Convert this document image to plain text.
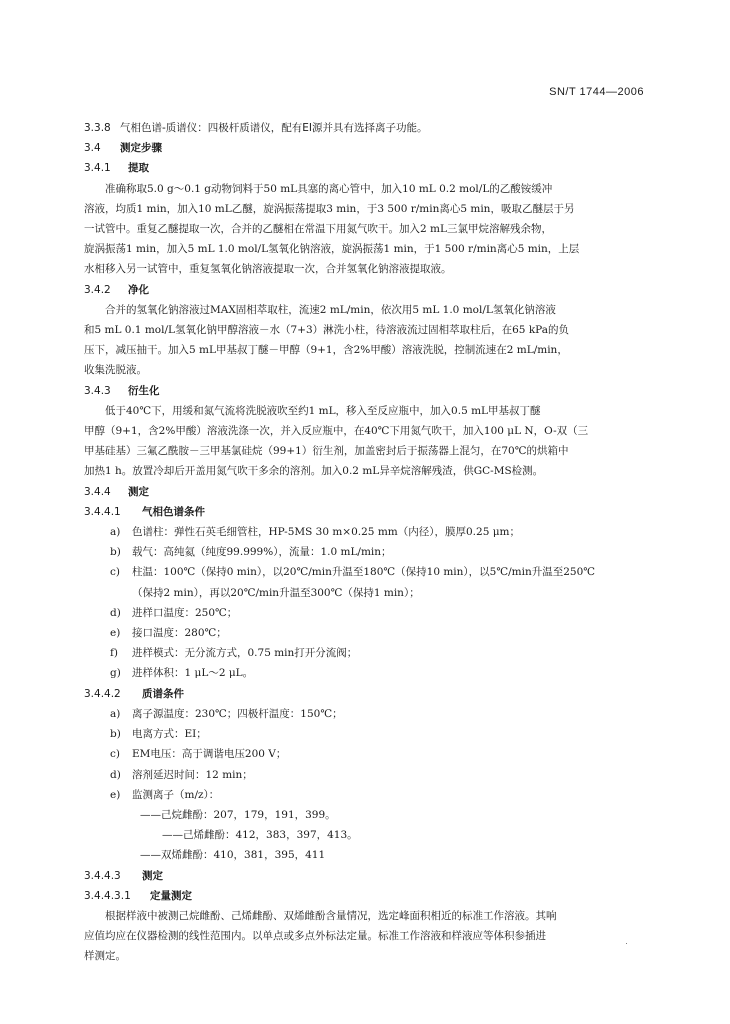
SN/T 1744—2006
3.3.8 气相色谱-质谱仪：四极杆质谱仪，配有EI源并具有选择离子功能。
3.4 测定步骤
3.4.1 提取
准确称取5.0 g～0.1 g动物饲料于50 mL具塞的离心管中，加入10 mL 0.2 mol/L的乙酸铵缓冲
溶液，均质1 min，加入10 mL乙醚，旋涡振荡提取3 min，于3 500 r/min离心5 min，吸取乙醚层于另
一试管中。重复乙醚提取一次，合并的乙醚相在常温下用氮气吹干。加入2 mL三氯甲烷溶解残余物，
旋涡振荡1 min，加入5 mL 1.0 mol/L氢氧化钠溶液，旋涡振荡1 min，于1 500 r/min离心5 min，上层
水相移入另一试管中，重复氢氧化钠溶液提取一次，合并氢氧化钠溶液提取液。
3.4.2 净化
合并的氢氧化钠溶液过MAX固相萃取柱，流速2 mL/min，依次用5 mL 1.0 mol/L氢氧化钠溶液
和5 mL 0.1 mol/L氢氧化钠甲醇溶液－水（7+3）淋洗小柱，待溶液流过固相萃取柱后，在65 kPa的负
压下，减压抽干。加入5 mL甲基叔丁醚－甲醇（9+1，含2%甲酸）溶液洗脱，控制流速在2 mL/min，
收集洗脱液。
3.4.3 衍生化
低于40℃下，用缓和氮气流将洗脱液吹至约1 mL，移入至反应瓶中，加入0.5 mL甲基叔丁醚
甲醇（9+1，含2%甲酸）溶液洗涤一次，并入反应瓶中，在40℃下用氮气吹干，加入100 μL N，O-双（三
甲基硅基）三氟乙酰胺－三甲基氯硅烷（99+1）衍生剂，加盖密封后于振荡器上混匀，在70℃的烘箱中
加热1 h。放置冷却后开盖用氮气吹干多余的溶剂。加入0.2 mL异辛烷溶解残渣，供GC-MS检测。
3.4.4 测定
3.4.4.1 气相色谱条件
a)	色谱柱：弹性石英毛细管柱，HP-5MS 30 m×0.25 mm（内径），膜厚0.25 μm；
b)	载气：高纯氦（纯度99.999%），流量：1.0 mL/min；
c)	柱温：100℃（保持0 min），以20℃/min升温至180℃（保持10 min），以5℃/min升温至250℃
（保持2 min），再以20℃/min升温至300℃（保持1 min）；
d)	进样口温度：250℃；
e)	接口温度：280℃；
f)	进样模式：无分流方式，0.75 min打开分流阀；
g)	进样体积：1 μL～2 μL。
3.4.4.2 质谱条件
a)	离子源温度：230℃；四极杆温度：150℃；
b)	电离方式：EI；
c)	EM电压：高于调谐电压200 V；
d)	溶剂延迟时间：12 min；
e)	监测离子（m/z）：
——己烷雌酚：207，179，191，399。
——己烯雌酚：412，383，397，413。
——双烯雌酚：410，381，395，411
3.4.4.3 测定
3.4.4.3.1 定量测定
根据样液中被测己烷雌酚、己烯雌酚、双烯雌酚含量情况，选定峰面积相近的标准工作溶液。其响
应值均应在仪器检测的线性范围内。以单点或多点外标法定量。标准工作溶液和样液应等体积参插进
样测定。
·
